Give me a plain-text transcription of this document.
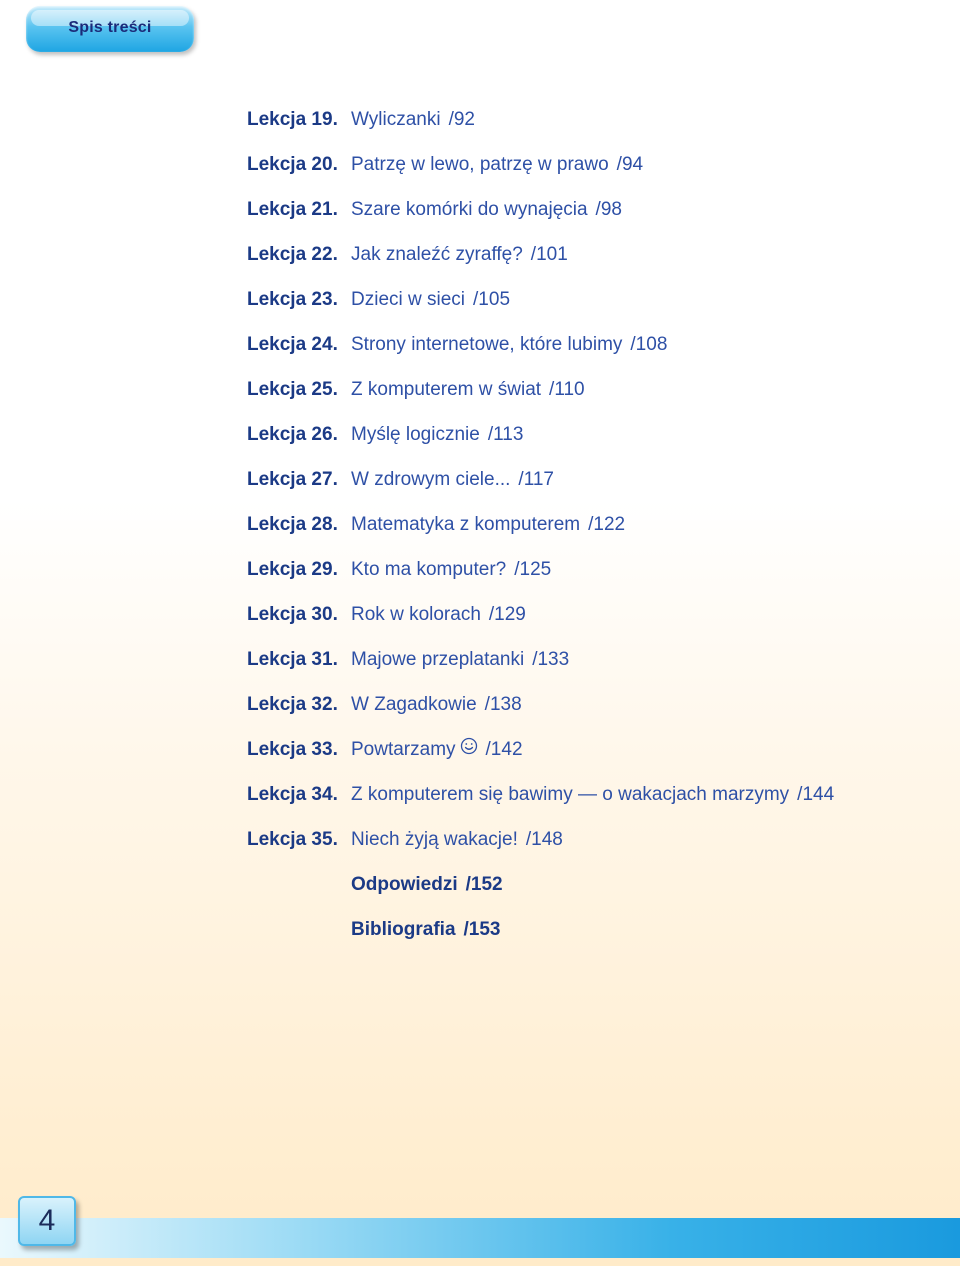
Spis treści
Lekcja 19. Wyliczanki /92
Lekcja 20. Patrzę w lewo, patrzę w prawo /94
Lekcja 21. Szare komórki do wynajęcia /98
Lekcja 22. Jak znaleźć zyraffę? /101
Lekcja 23. Dzieci w sieci /105
Lekcja 24. Strony internetowe, które lubimy /108
Lekcja 25. Z komputerem w świat /110
Lekcja 26. Myślę logicznie /113
Lekcja 27. W zdrowym ciele... /117
Lekcja 28. Matematyka z komputerem /122
Lekcja 29. Kto ma komputer? /125
Lekcja 30. Rok w kolorach /129
Lekcja 31. Majowe przeplatanki /133
Lekcja 32. W Zagadkowie /138
Lekcja 33. Powtarzamy /142
Lekcja 34. Z komputerem się bawimy — o wakacjach marzymy /144
Lekcja 35. Niech żyją wakacje! /148
Odpowiedzi /152
Bibliografia /153
4
